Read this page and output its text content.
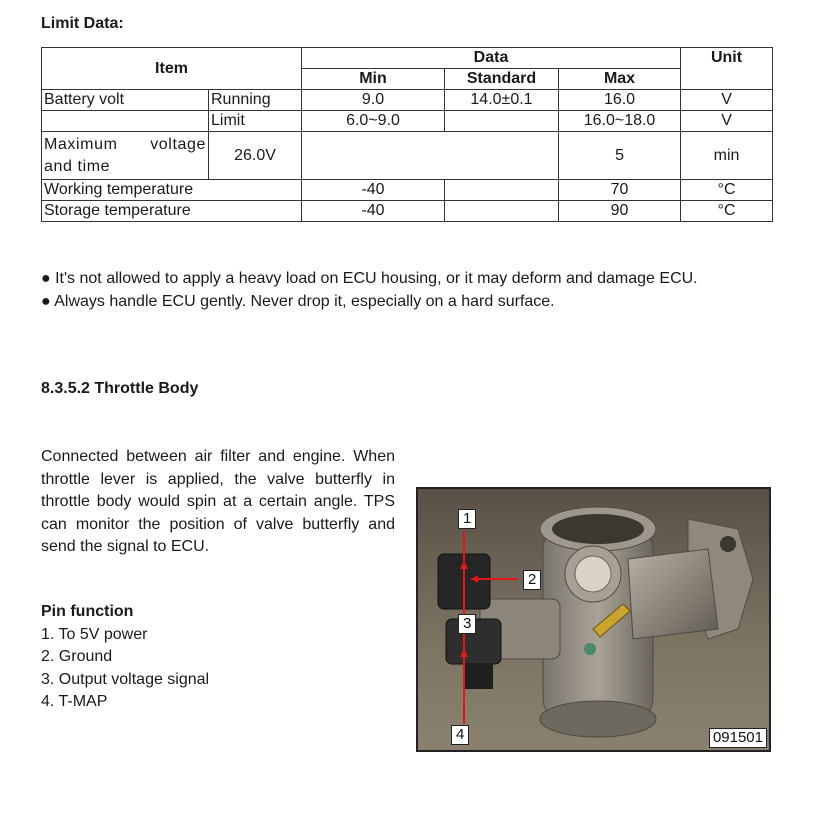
Limit Data:
Item		Data			Unit
		Min	Standard	Max	
Battery volt	Running	9.0	14.0±0.1	16.0	V
	Limit	6.0~9.0		16.0~18.0	V
Maximum voltage and time	26.0V			5	min
Working temperature		-40		70	°C
Storage temperature		-40		90	°C

● It's not allowed to apply a heavy load on ECU housing, or it may deform and damage ECU.

● Always handle ECU gently. Never drop it, especially on a hard surface.

8.3.5.2 Throttle Body

Connected between air filter and engine. When throttle lever is applied, the valve butterfly in throttle body would spin at a certain angle. TPS can monitor the position of valve butterfly and send the signal to ECU.

Pin function
1. To 5V power
2. Ground
3. Output voltage signal
4. T-MAP
1
2
3
4	091501
